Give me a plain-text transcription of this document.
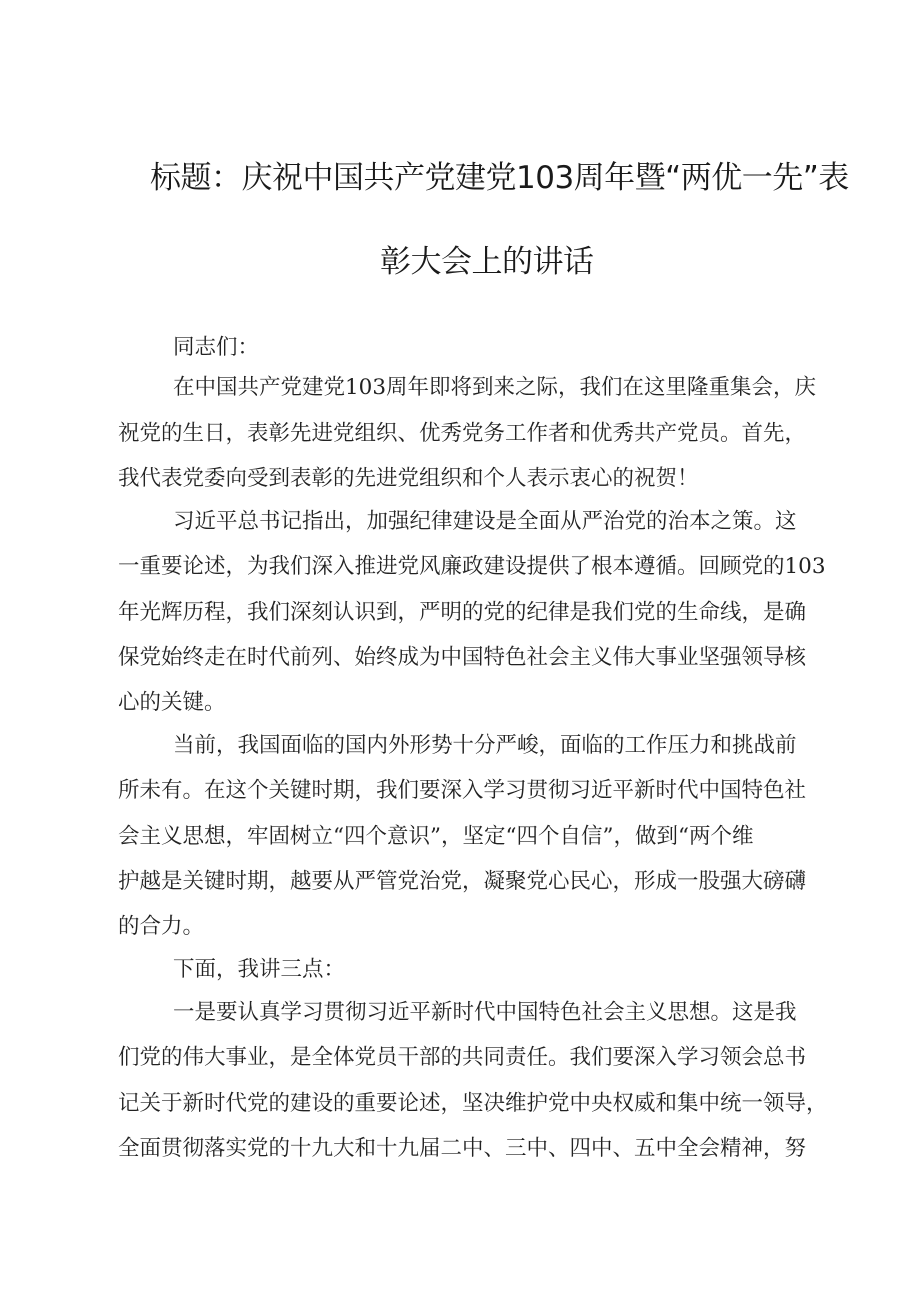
标题：庆祝中国共产党建党103周年暨“两优一先”表
彰大会上的讲话
同志们：
在中国共产党建党103周年即将到来之际，我们在这里隆重集会，庆
祝党的生日，表彰先进党组织、优秀党务工作者和优秀共产党员。首先，
我代表党委向受到表彰的先进党组织和个人表示衷心的祝贺！
习近平总书记指出，加强纪律建设是全面从严治党的治本之策。这
一重要论述，为我们深入推进党风廉政建设提供了根本遵循。回顾党的103
年光辉历程，我们深刻认识到，严明的党的纪律是我们党的生命线，是确
保党始终走在时代前列、始终成为中国特色社会主义伟大事业坚强领导核
心的关键。
当前，我国面临的国内外形势十分严峻，面临的工作压力和挑战前
所未有。在这个关键时期，我们要深入学习贯彻习近平新时代中国特色社
会主义思想，牢固树立“四个意识”，坚定“四个自信”，做到“两个维
护越是关键时期，越要从严管党治党，凝聚党心民心，形成一股强大磅礴
的合力。
下面，我讲三点：
一是要认真学习贯彻习近平新时代中国特色社会主义思想。这是我
们党的伟大事业，是全体党员干部的共同责任。我们要深入学习领会总书
记关于新时代党的建设的重要论述，坚决维护党中央权威和集中统一领导，
全面贯彻落实党的十九大和十九届二中、三中、四中、五中全会精神，努
